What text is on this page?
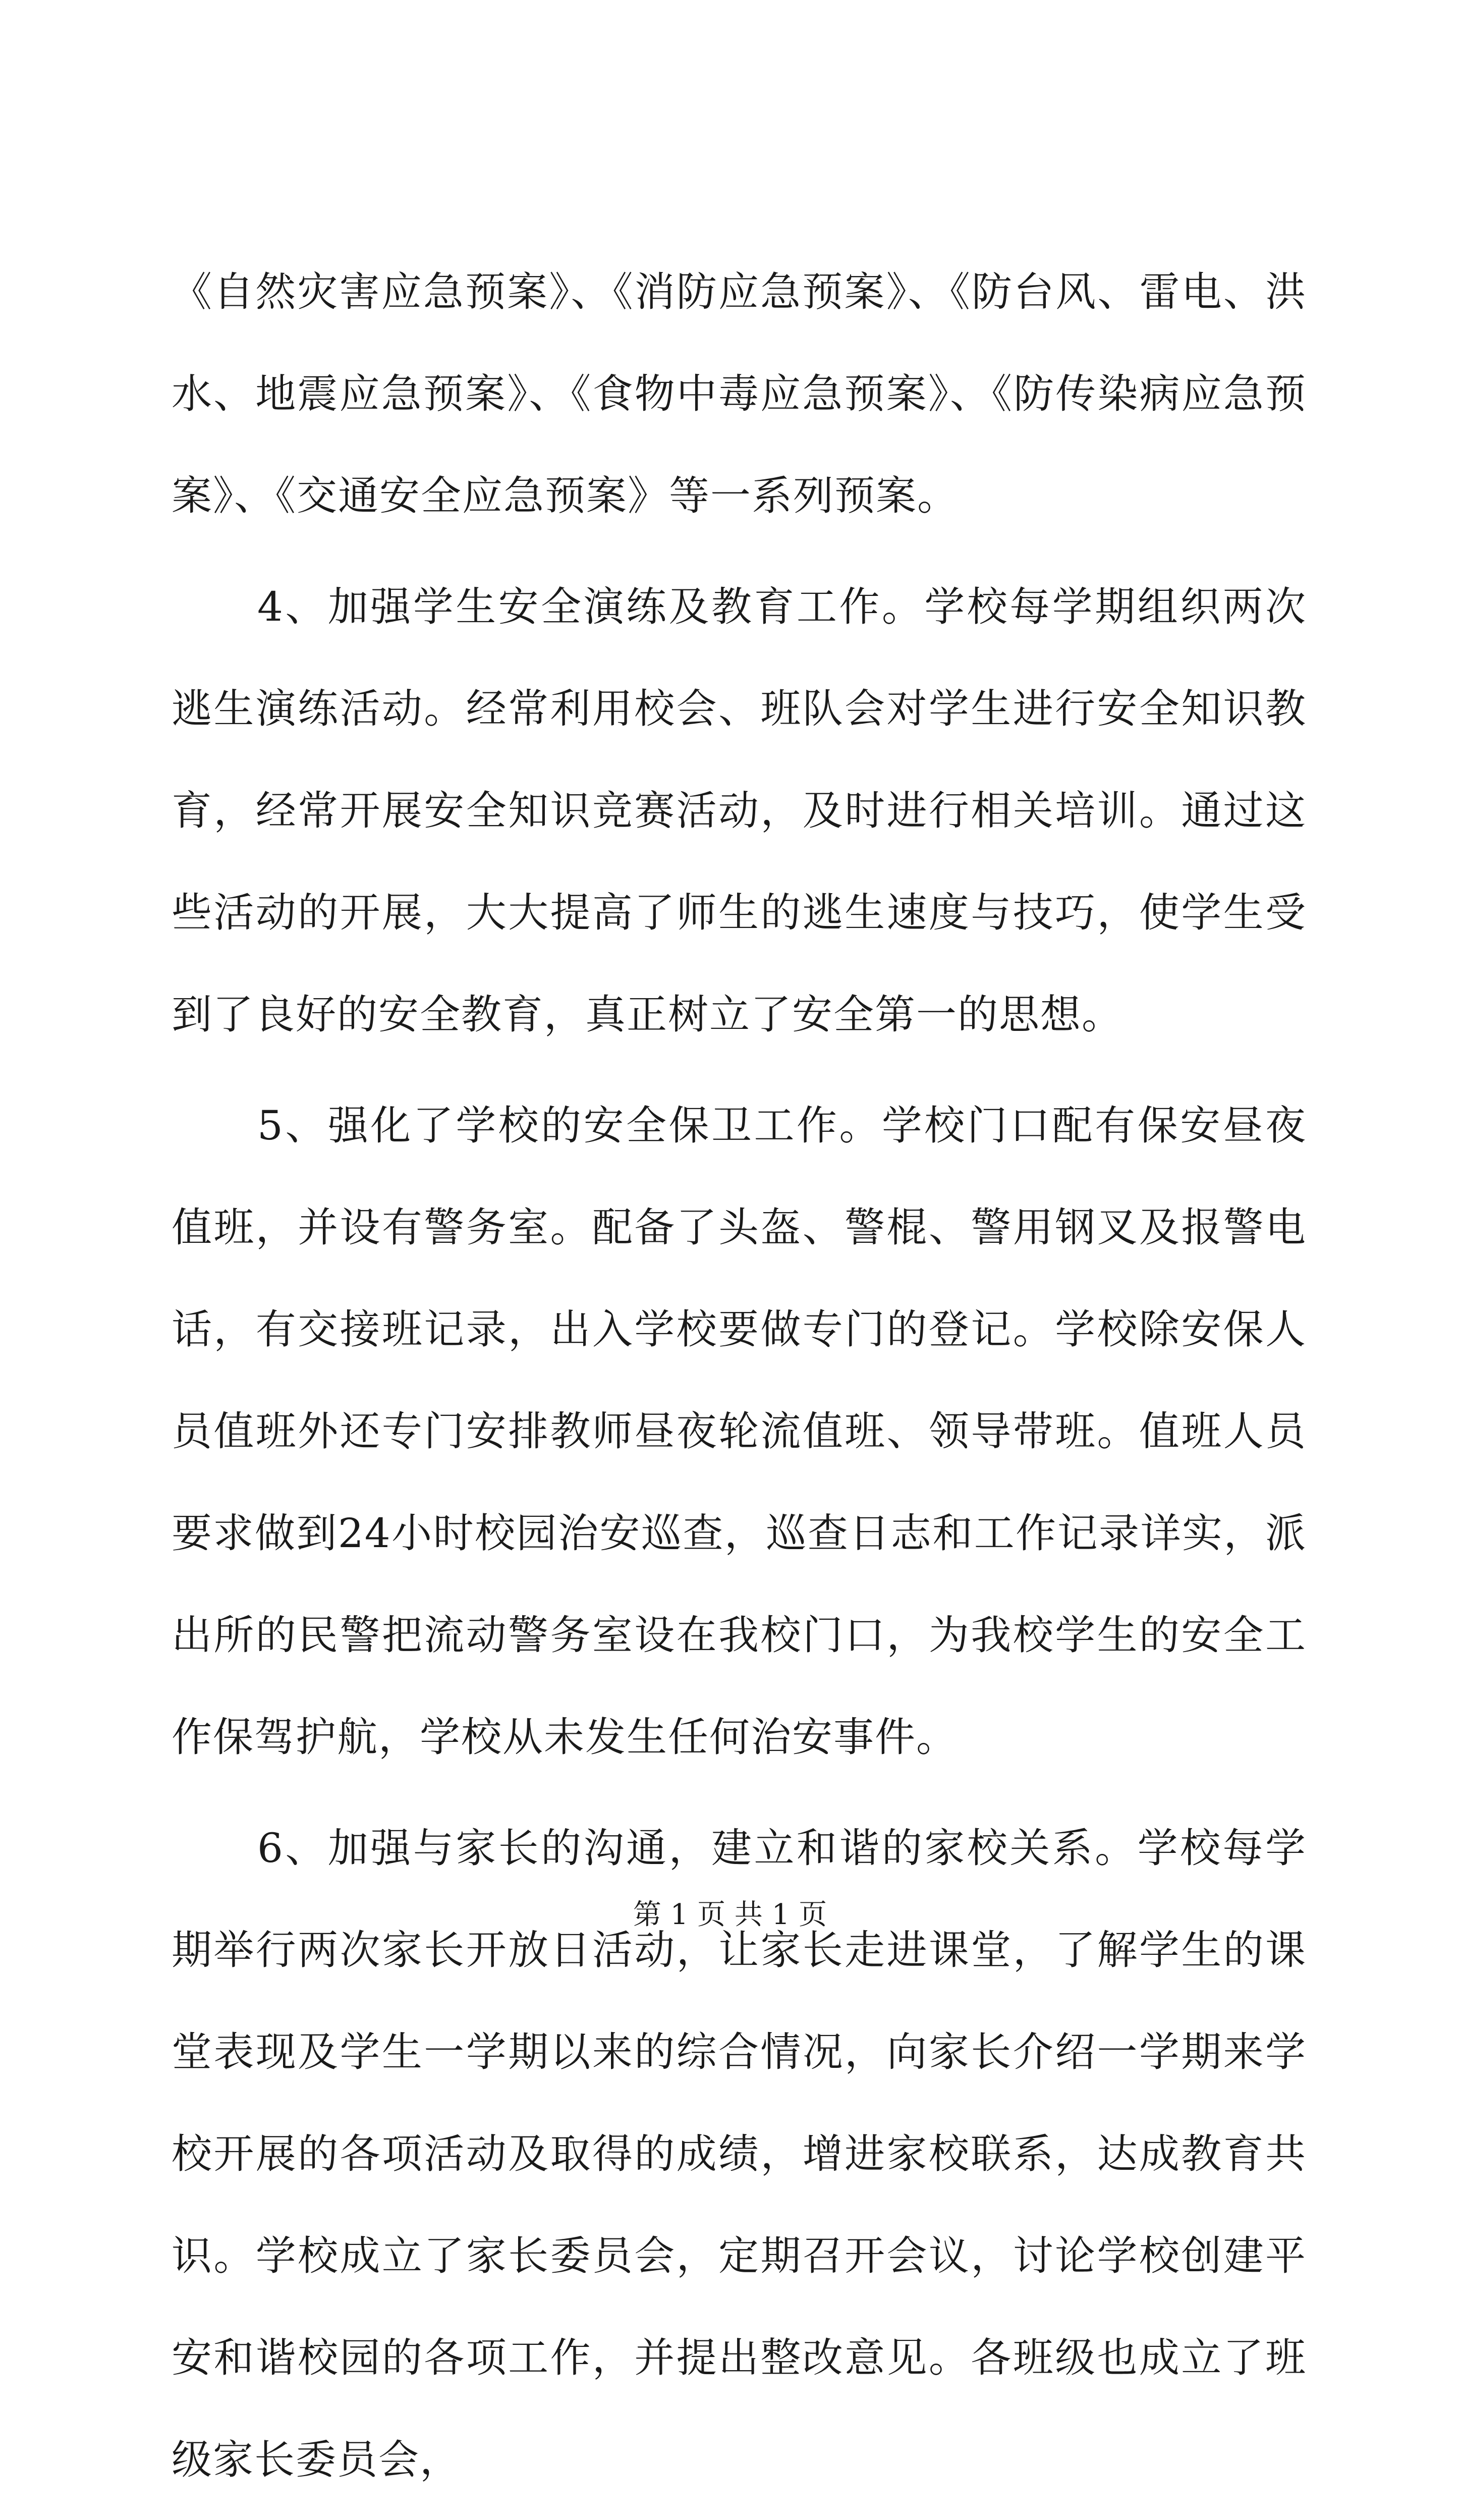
《自然灾害应急预案》、《消防应急预案》、《防台风、雷电、洪水、地震应急预案》、《食物中毒应急预案》、《防传染病应急预案》、《交通安全应急预案》等一系列预案。

4、加强学生安全演练及教育工作。学校每学期组织两次逃生演练活动。经常利用校会、班队会对学生进行安全知识教育，经常开展安全知识竞赛活动，及时进行相关培训。通过这些活动的开展，大大提高了师生的逃生速度与技巧，使学生受到了良好的安全教育，真正树立了安全第一的思想。

5、强化了学校的安全保卫工作。学校门口配有保安昼夜值班，并设有警务室。配备了头盔、警棍、警用钢叉及报警电话，有交接班记录，出入学校要做专门的登记。学校除安保人员值班外还专门安排教师昼夜轮流值班、领导带班。值班人员要求做到24小时校园治安巡查，巡查日志和工作记录详实，派出所的民警把流动警务室设在我校门口，为我校学生的安全工作保驾护航，学校从未发生任何治安事件。

6、加强与家长的沟通，建立和谐的家校关系。学校每学期举行两次家长开放日活动，让家长走进课堂，了解学生的课堂表现及学生一学期以来的综合情况，向家长介绍一学期来学校开展的各项活动及取得的成绩，增进家校联系，达成教育共识。学校成立了家长委员会，定期召开会议，讨论学校创建平安和谐校园的各项工作，并提出整改意见。各班级也成立了班级家长委员会，

第 1 页 共 1 页
